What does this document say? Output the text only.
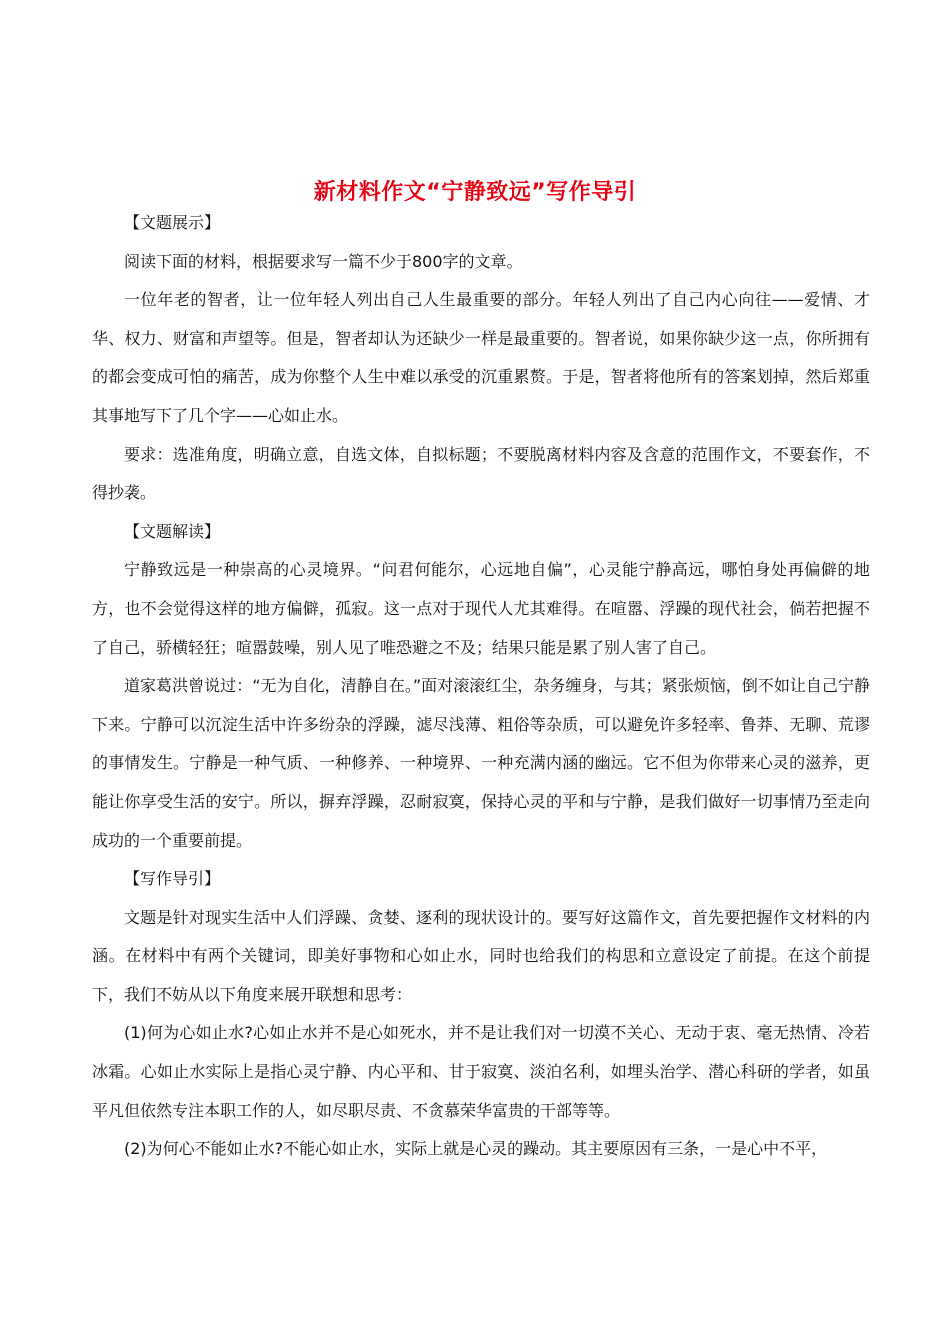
新材料作文“宁静致远”写作导引

【文题展示】

阅读下面的材料，根据要求写一篇不少于800字的文章。

一位年老的智者，让一位年轻人列出自己人生最重要的部分。年轻人列出了自己内心向往——爱情、才华、权力、财富和声望等。但是，智者却认为还缺少一样是最重要的。智者说，如果你缺少这一点，你所拥有的都会变成可怕的痛苦，成为你整个人生中难以承受的沉重累赘。于是，智者将他所有的答案划掉，然后郑重其事地写下了几个字——心如止水。

要求：选准角度，明确立意，自选文体，自拟标题；不要脱离材料内容及含意的范围作文，不要套作，不得抄袭。

【文题解读】

宁静致远是一种崇高的心灵境界。“问君何能尔，心远地自偏”，心灵能宁静高远，哪怕身处再偏僻的地方，也不会觉得这样的地方偏僻，孤寂。这一点对于现代人尤其难得。在喧嚣、浮躁的现代社会，倘若把握不了自己，骄横轻狂；喧嚣鼓噪，别人见了唯恐避之不及；结果只能是累了别人害了自己。

道家葛洪曾说过：“无为自化，清静自在。”面对滚滚红尘，杂务缠身，与其；紧张烦恼，倒不如让自己宁静下来。宁静可以沉淀生活中许多纷杂的浮躁，滤尽浅薄、粗俗等杂质，可以避免许多轻率、鲁莽、无聊、荒谬的事情发生。宁静是一种气质、一种修养、一种境界、一种充满内涵的幽远。它不但为你带来心灵的滋养，更能让你享受生活的安宁。所以，摒弃浮躁，忍耐寂寞，保持心灵的平和与宁静，是我们做好一切事情乃至走向成功的一个重要前提。

【写作导引】

文题是针对现实生活中人们浮躁、贪婪、逐利的现状设计的。要写好这篇作文，首先要把握作文材料的内涵。在材料中有两个关键词，即美好事物和心如止水，同时也给我们的构思和立意设定了前提。在这个前提下，我们不妨从以下角度来展开联想和思考：

(1)何为心如止水?心如止水并不是心如死水，并不是让我们对一切漠不关心、无动于衷、毫无热情、冷若冰霜。心如止水实际上是指心灵宁静、内心平和、甘于寂寞、淡泊名利，如埋头治学、潜心科研的学者，如虽平凡但依然专注本职工作的人，如尽职尽责、不贪慕荣华富贵的干部等等。

(2)为何心不能如止水?不能心如止水，实际上就是心灵的躁动。其主要原因有三条，一是心中不平，
